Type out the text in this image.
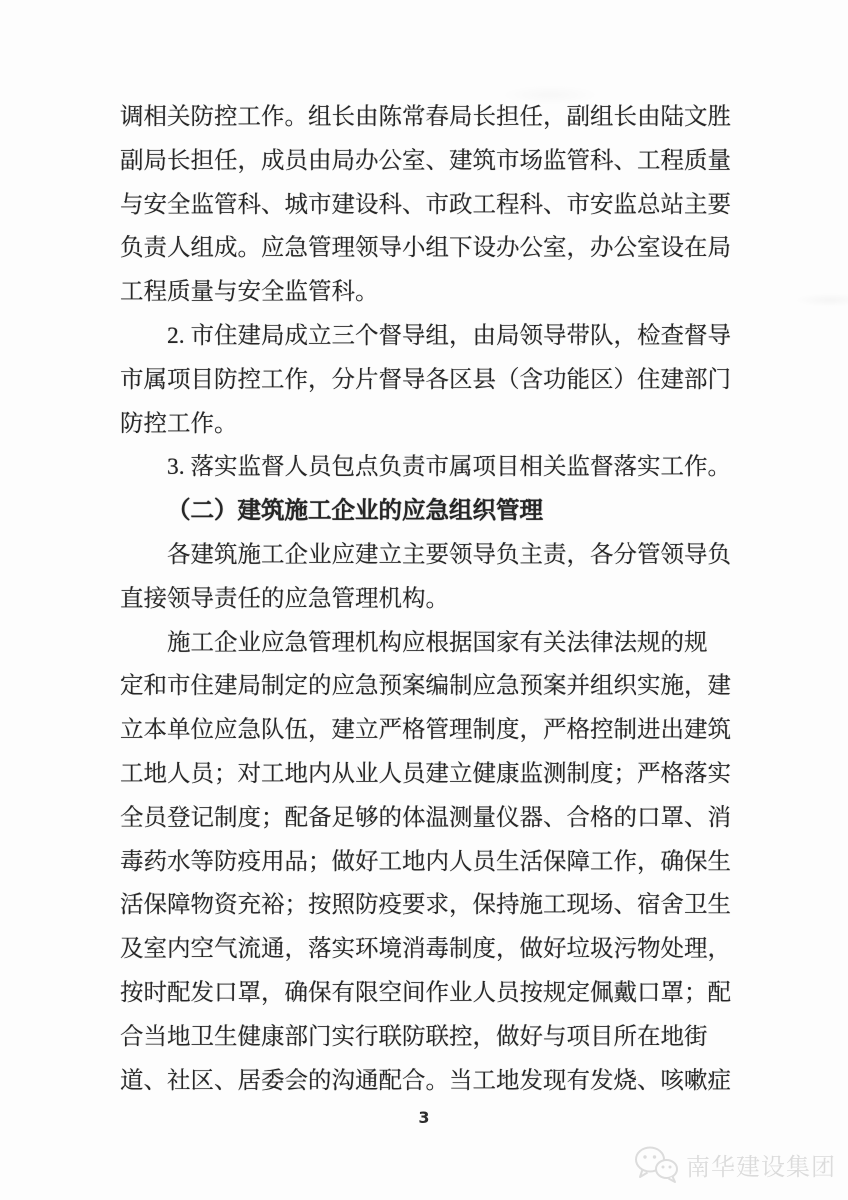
调相关防控工作。组长由陈常春局长担任，副组长由陆文胜
副局长担任，成员由局办公室、建筑市场监管科、工程质量
与安全监管科、城市建设科、市政工程科、市安监总站主要
负责人组成。应急管理领导小组下设办公室，办公室设在局
工程质量与安全监管科。
2. 市住建局成立三个督导组，由局领导带队，检查督导
市属项目防控工作，分片督导各区县（含功能区）住建部门
防控工作。
3. 落实监督人员包点负责市属项目相关监督落实工作。
（二）建筑施工企业的应急组织管理
各建筑施工企业应建立主要领导负主责，各分管领导负
直接领导责任的应急管理机构。
施工企业应急管理机构应根据国家有关法律法规的规
定和市住建局制定的应急预案编制应急预案并组织实施，建
立本单位应急队伍，建立严格管理制度，严格控制进出建筑
工地人员；对工地内从业人员建立健康监测制度；严格落实
全员登记制度；配备足够的体温测量仪器、合格的口罩、消
毒药水等防疫用品；做好工地内人员生活保障工作，确保生
活保障物资充裕；按照防疫要求，保持施工现场、宿舍卫生
及室内空气流通，落实环境消毒制度，做好垃圾污物处理，
按时配发口罩，确保有限空间作业人员按规定佩戴口罩；配
合当地卫生健康部门实行联防联控，做好与项目所在地街
道、社区、居委会的沟通配合。当工地发现有发烧、咳嗽症
3
南华建设集团
